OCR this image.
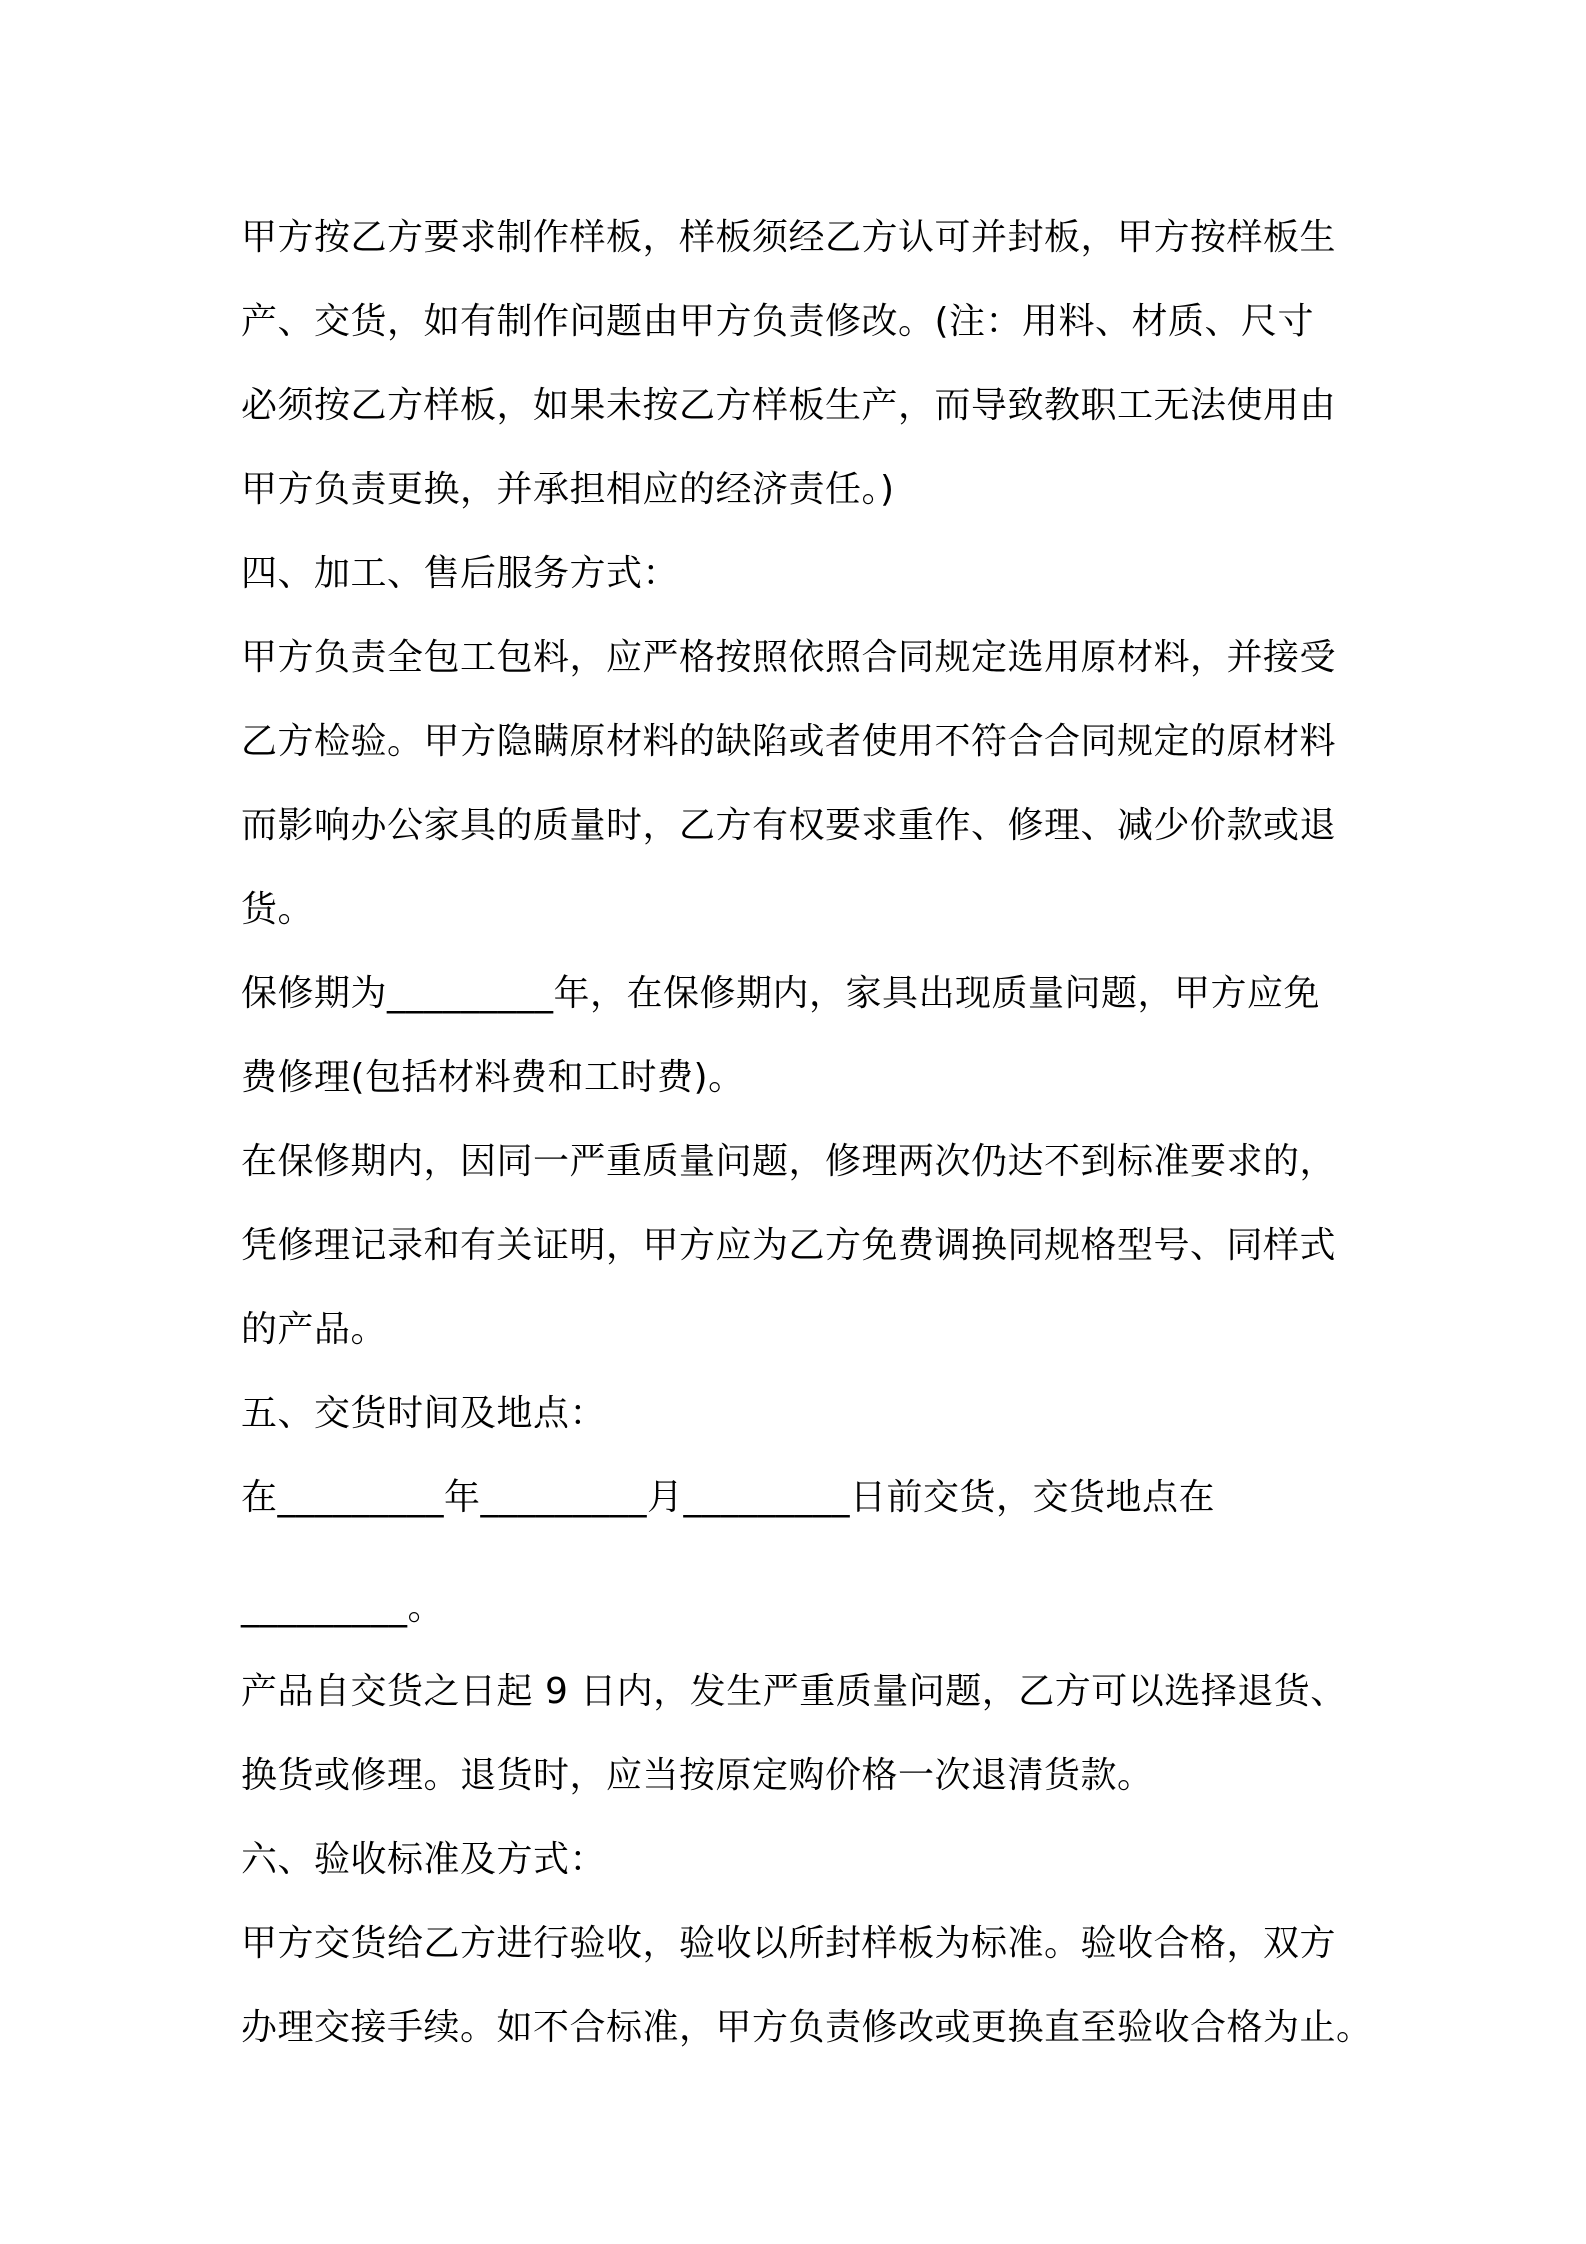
甲方按乙方要求制作样板，样板须经乙方认可并封板，甲方按样板生
产、交货，如有制作问题由甲方负责修改。(注：用料、材质、尺寸
必须按乙方样板，如果未按乙方样板生产，而导致教职工无法使用由
甲方负责更换，并承担相应的经济责任。)
四、加工、售后服务方式：
甲方负责全包工包料，应严格按照依照合同规定选用原材料，并接受
乙方检验。甲方隐瞒原材料的缺陷或者使用不符合合同规定的原材料
而影响办公家具的质量时，乙方有权要求重作、修理、减少价款或退
货。
保修期为_________年，在保修期内，家具出现质量问题，甲方应免
费修理(包括材料费和工时费)。
在保修期内，因同一严重质量问题，修理两次仍达不到标准要求的，
凭修理记录和有关证明，甲方应为乙方免费调换同规格型号、同样式
的产品。
五、交货时间及地点：
在_________年_________月_________日前交货，交货地点在
_________。
产品自交货之日起 9 日内，发生严重质量问题，乙方可以选择退货、
换货或修理。退货时，应当按原定购价格一次退清货款。
六、验收标准及方式：
甲方交货给乙方进行验收，验收以所封样板为标准。验收合格，双方
办理交接手续。如不合标准，甲方负责修改或更换直至验收合格为止。
